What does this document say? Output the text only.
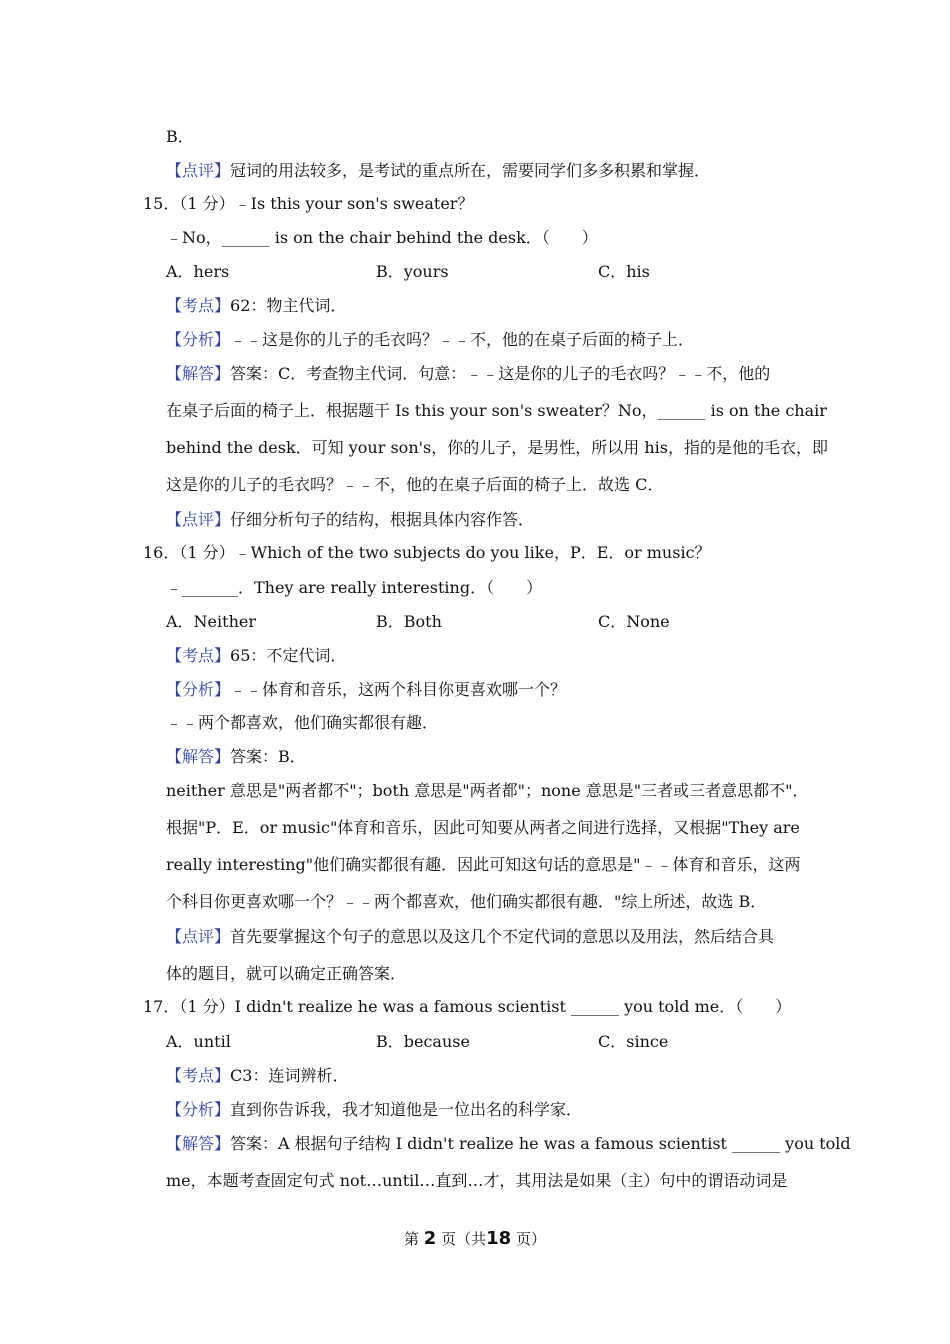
B．
【点评】冠词的用法较多，是考试的重点所在，需要同学们多多积累和掌握．
15．（1 分）﹣Is this your son's sweater？
﹣No，______ is on the chair behind the desk．（　　）
A．hers	B．yours	C．his
【考点】62：物主代词．
【分析】﹣﹣这是你的儿子的毛衣吗？﹣﹣不，他的在桌子后面的椅子上．
【解答】答案：C．考查物主代词．句意：﹣﹣这是你的儿子的毛衣吗？﹣﹣不，他的
在桌子后面的椅子上．根据题干 Is this your son's sweater？No，______ is on the chair
behind the desk．可知 your son's，你的儿子，是男性，所以用 his，指的是他的毛衣，即
这是你的儿子的毛衣吗？﹣﹣不，他的在桌子后面的椅子上．故选 C．
【点评】仔细分析句子的结构，根据具体内容作答．
16．（1 分）﹣Which of the two subjects do you like，P．E．or music？
﹣_______．They are really interesting．（　　）
A．Neither	B．Both	C．None
【考点】65：不定代词．
【分析】﹣﹣体育和音乐，这两个科目你更喜欢哪一个？
﹣﹣两个都喜欢，他们确实都很有趣．
【解答】答案：B．
neither 意思是"两者都不"；both 意思是"两者都"；none 意思是"三者或三者意思都不"．
根据"P．E．or music"体育和音乐，因此可知要从两者之间进行选择，又根据"They are
really interesting"他们确实都很有趣．因此可知这句话的意思是"﹣﹣体育和音乐，这两
个科目你更喜欢哪一个？﹣﹣两个都喜欢，他们确实都很有趣．"综上所述，故选 B．
【点评】首先要掌握这个句子的意思以及这几个不定代词的意思以及用法，然后结合具
体的题目，就可以确定正确答案．
17．（1 分）I didn't realize he was a famous scientist ______ you told me．（　　）
A．until	B．because	C．since
【考点】C3：连词辨析．
【分析】直到你告诉我，我才知道他是一位出名的科学家．
【解答】答案：A 根据句子结构 I didn't realize he was a famous scientist ______ you told
me，本题考查固定句式 not…until…直到…才，其用法是如果（主）句中的谓语动词是
第 2 页（共18 页）
